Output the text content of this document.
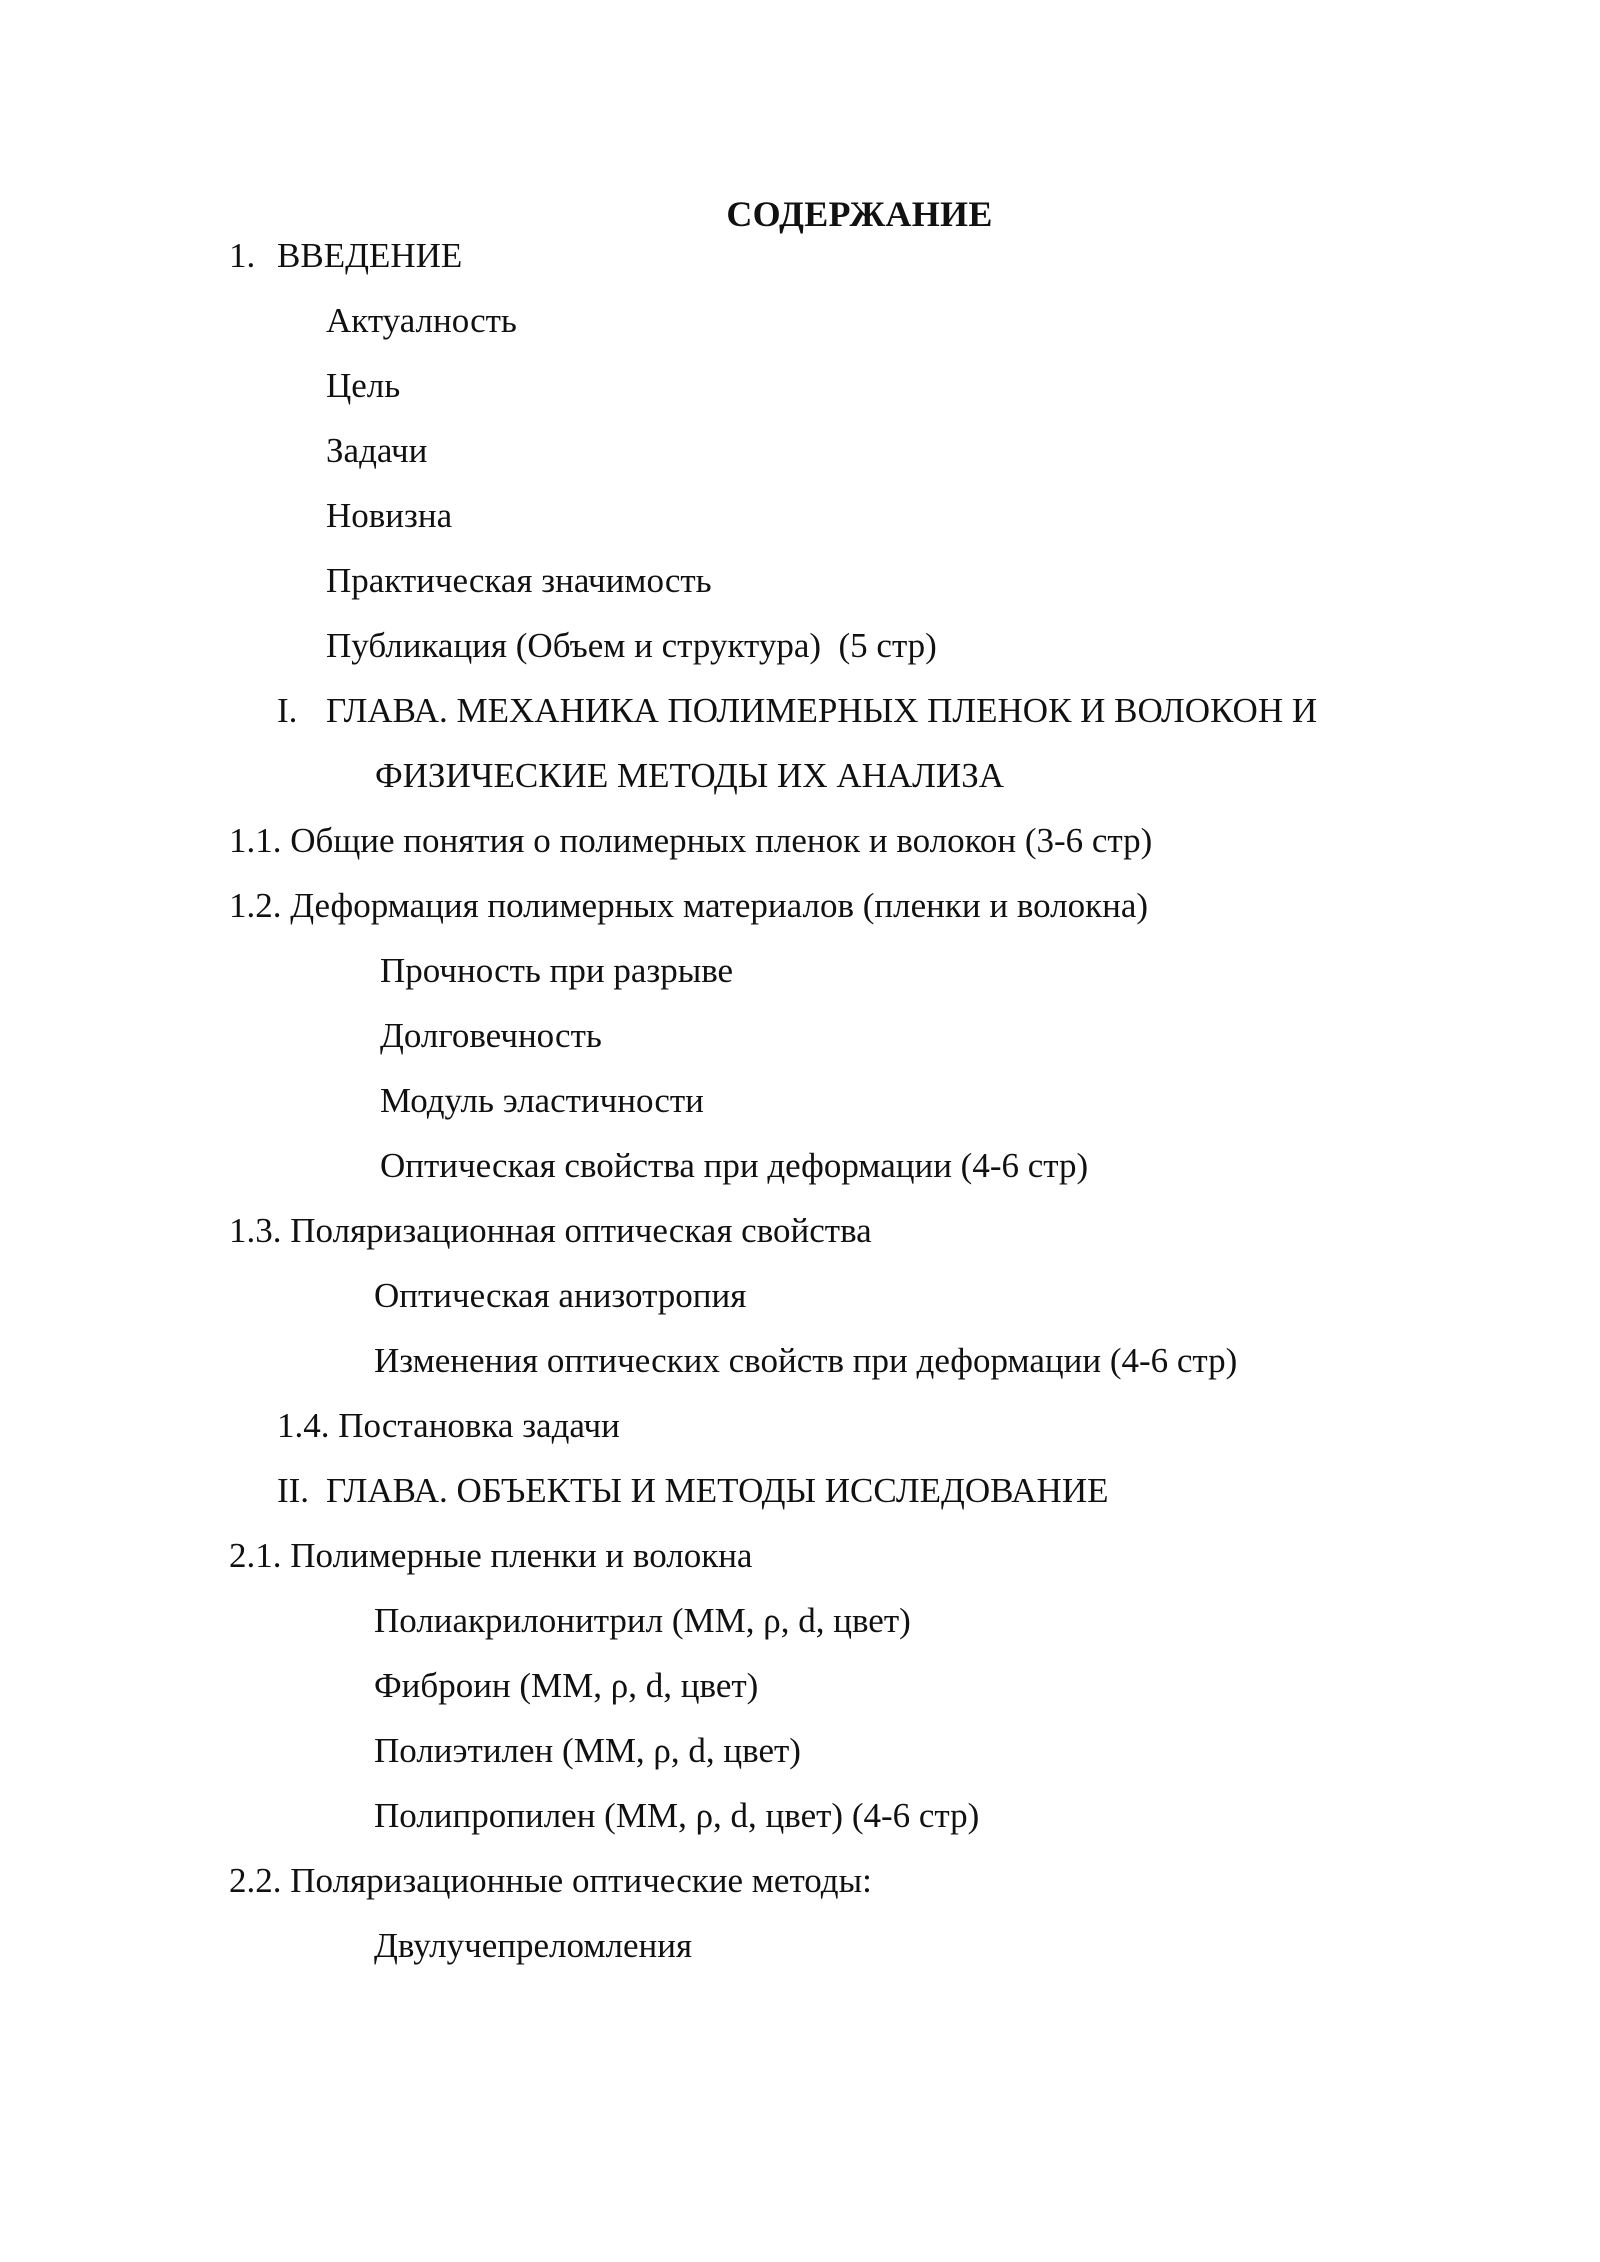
СОДЕРЖАНИЕ
1. ВВЕДЕНИЕ
Актуалность
Цель
Задачи
Новизна
Практическая значимость
Публикация (Объем и структура)  (5 стр)
I. ГЛАВА. МЕХАНИКА ПОЛИМЕРНЫХ ПЛЕНОК И ВОЛОКОН И
ФИЗИЧЕСКИЕ МЕТОДЫ ИХ АНАЛИЗА
1.1. Общие понятия о полимерных пленок и волокон (3-6 стр)
1.2. Деформация полимерных материалов (пленки и волокна)
Прочность при разрыве
Долговечность
Модуль эластичности
Оптическая свойства при деформации (4-6 стр)
1.3. Поляризационная оптическая свойства
Оптическая анизотропия
Изменения оптических свойств при деформации (4-6 стр)
1.4. Постановка задачи
II. ГЛАВА. ОБЪЕКТЫ И МЕТОДЫ ИССЛЕДОВАНИЕ
2.1. Полимерные пленки и волокна
Полиакрилонитрил (ММ, ρ, d, цвет)
Фиброин (ММ, ρ, d, цвет)
Полиэтилен (ММ, ρ, d, цвет)
Полипропилен (ММ, ρ, d, цвет) (4-6 стр)
2.2. Поляризационные оптические методы:
Двулучепреломления
